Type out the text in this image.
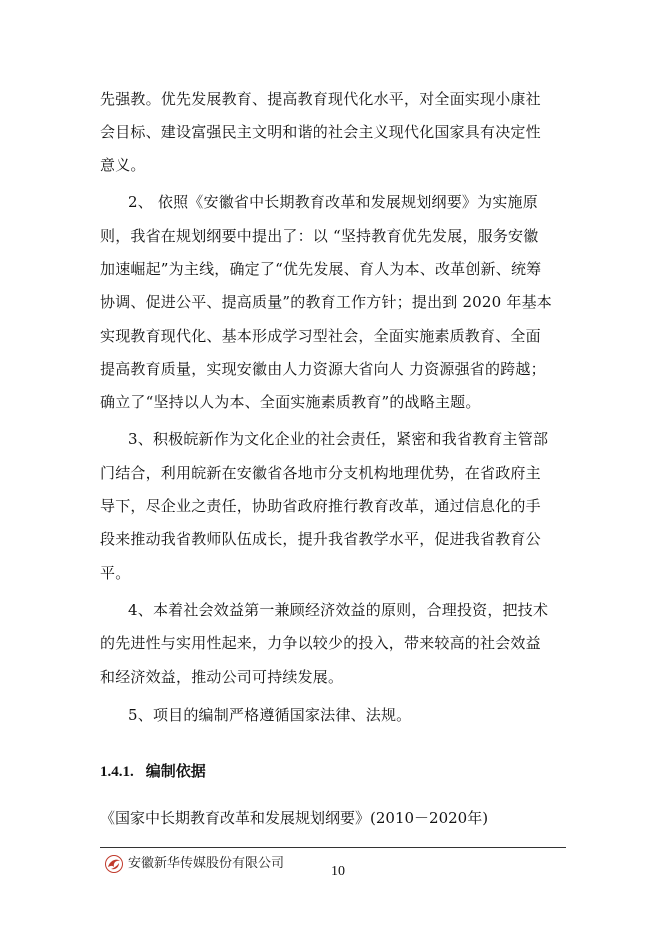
先强教。优先发展教育、提高教育现代化水平，对全面实现小康社
会目标、建设富强民主文明和谐的社会主义现代化国家具有决定性
意义。
2、 依照《安徽省中长期教育改革和发展规划纲要》为实施原
则，我省在规划纲要中提出了：以 “坚持教育优先发展，服务安徽
加速崛起”为主线，确定了“优先发展、育人为本、改革创新、统筹
协调、促进公平、提高质量”的教育工作方针；提出到 2020 年基本
实现教育现代化、基本形成学习型社会，全面实施素质教育、全面
提高教育质量，实现安徽由人力资源大省向人 力资源强省的跨越；
确立了“坚持以人为本、全面实施素质教育”的战略主题。
3、积极皖新作为文化企业的社会责任，紧密和我省教育主管部
门结合，利用皖新在安徽省各地市分支机构地理优势，在省政府主
导下，尽企业之责任，协助省政府推行教育改革，通过信息化的手
段来推动我省教师队伍成长，提升我省教学水平，促进我省教育公
平。
4、本着社会效益第一兼顾经济效益的原则，合理投资，把技术
的先进性与实用性起来，力争以较少的投入，带来较高的社会效益
和经济效益，推动公司可持续发展。
5、项目的编制严格遵循国家法律、法规。
1.4.1. 编制依据
《国家中长期教育改革和发展规划纲要》(2010－2020年)
安徽新华传媒股份有限公司
10
